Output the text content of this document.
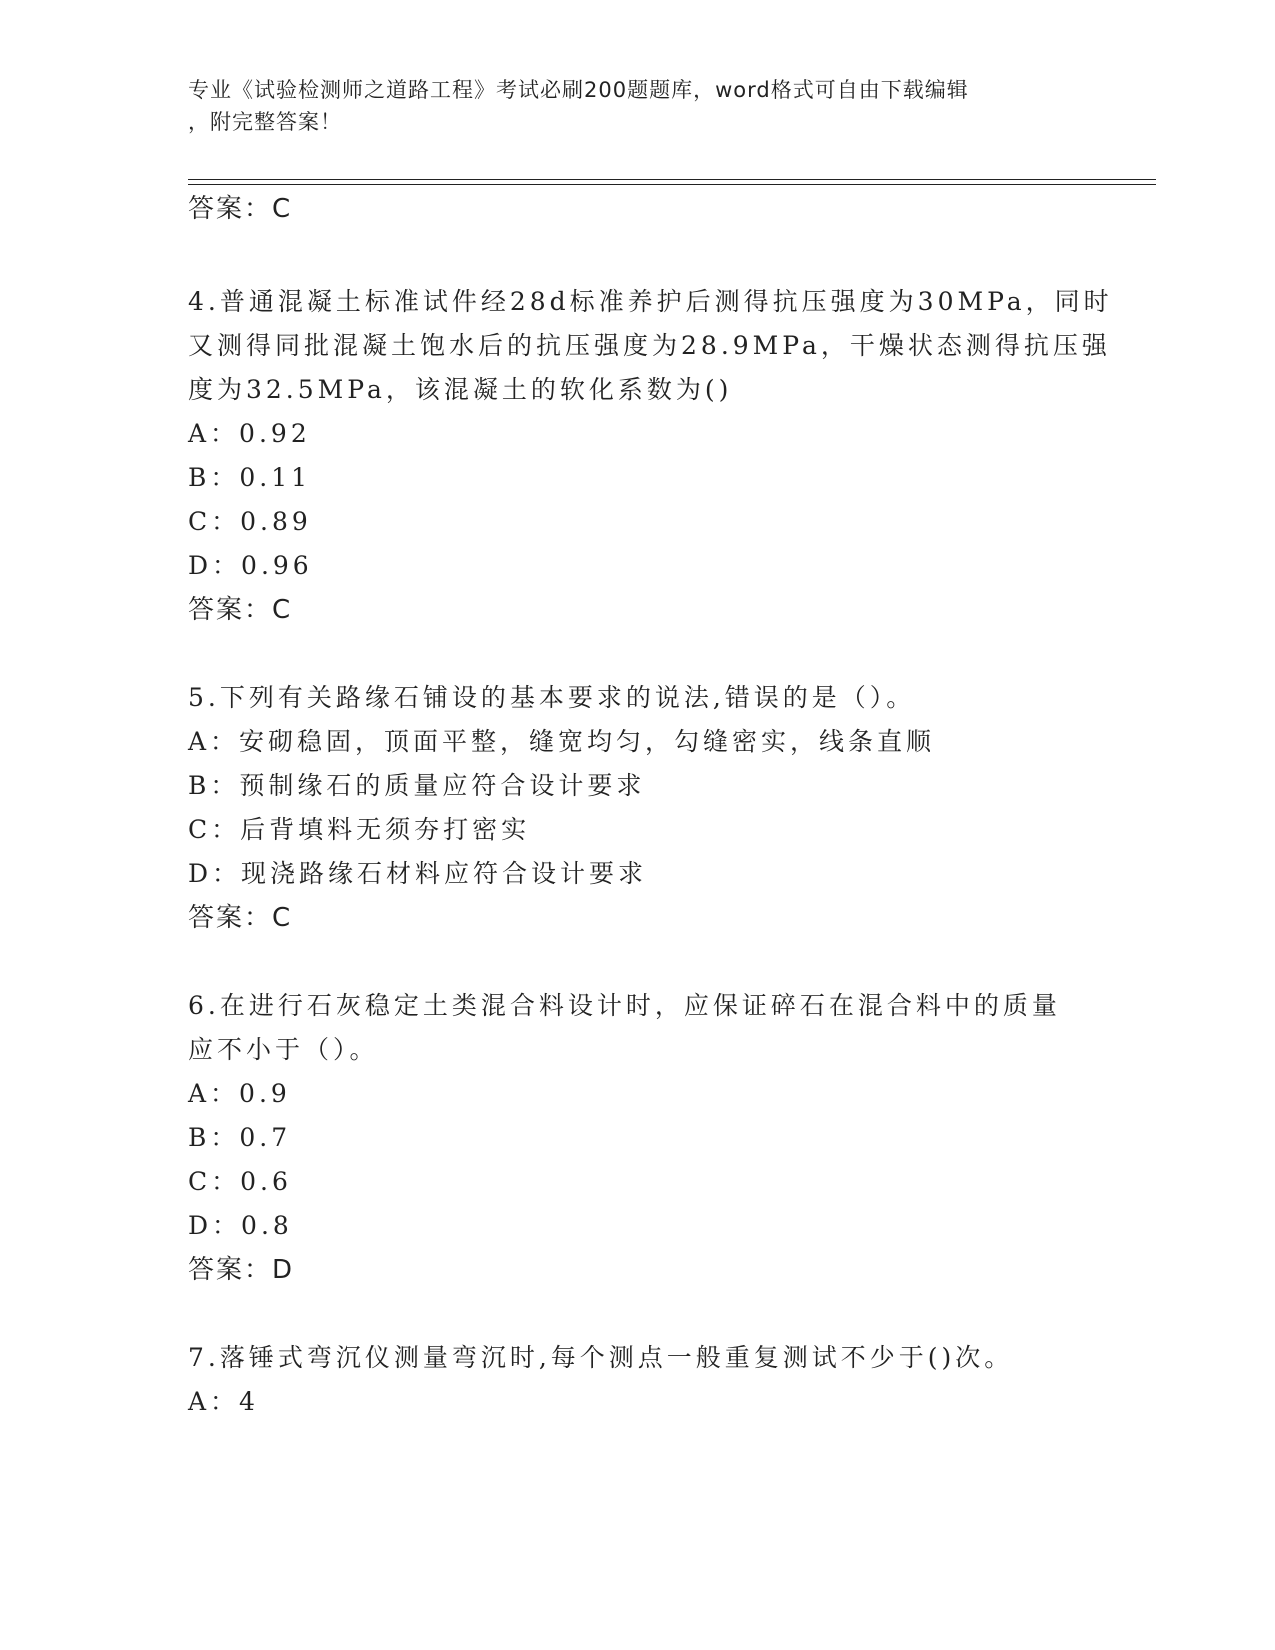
专业《试验检测师之道路工程》考试必刷200题题库，word格式可自由下载编辑
，附完整答案！
答案：C
4.普通混凝土标准试件经28d标准养护后测得抗压强度为30MPa，同时
又测得同批混凝土饱水后的抗压强度为28.9MPa，干燥状态测得抗压强
度为32.5MPa，该混凝土的软化系数为()
A：0.92
B：0.11
C：0.89
D：0.96
答案：C
5.下列有关路缘石铺设的基本要求的说法,错误的是（）。
A：安砌稳固，顶面平整，缝宽均匀，勾缝密实，线条直顺
B：预制缘石的质量应符合设计要求
C：后背填料无须夯打密实
D：现浇路缘石材料应符合设计要求
答案：C
6.在进行石灰稳定土类混合料设计时，应保证碎石在混合料中的质量
应不小于（）。
A：0.9
B：0.7
C：0.6
D：0.8
答案：D
7.落锤式弯沉仪测量弯沉时,每个测点一般重复测试不少于()次。
A：4
